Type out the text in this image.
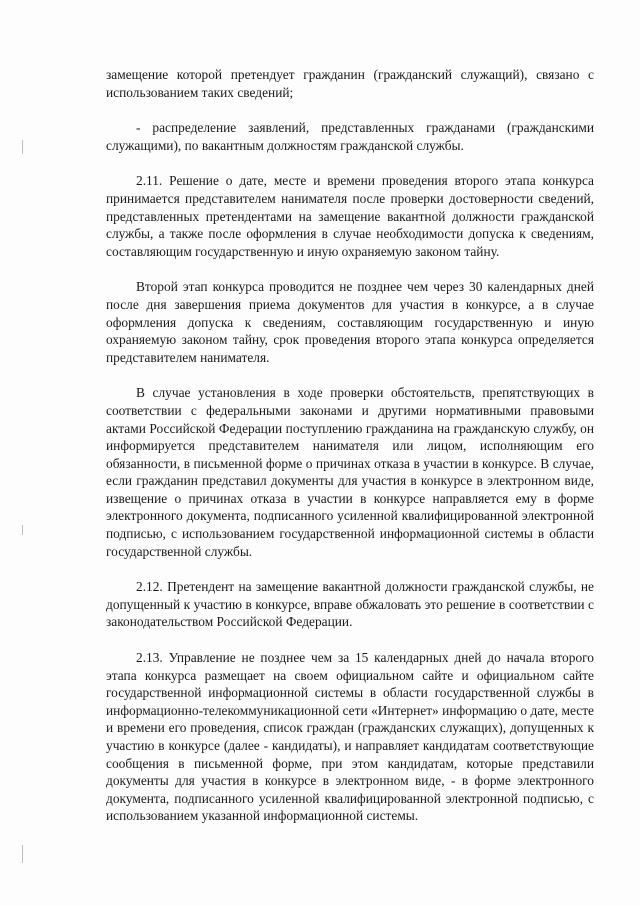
замещение которой претендует гражданин (гражданский служащий), связано с использованием таких сведений;

- распределение заявлений, представленных гражданами (гражданскими служащими), по вакантным должностям гражданской службы.

2.11. Решение о дате, месте и времени проведения второго этапа конкурса принимается представителем нанимателя после проверки достоверности сведений, представленных претендентами на замещение вакантной должности гражданской службы, а также после оформления в случае необходимости допуска к сведениям, составляющим государственную и иную охраняемую законом тайну.

Второй этап конкурса проводится не позднее чем через 30 календарных дней после дня завершения приема документов для участия в конкурсе, а в случае оформления допуска к сведениям, составляющим государственную и иную охраняемую законом тайну, срок проведения второго этапа конкурса определяется представителем нанимателя.

В случае установления в ходе проверки обстоятельств, препятствующих в соответствии с федеральными законами и другими нормативными правовыми актами Российской Федерации поступлению гражданина на гражданскую службу, он информируется представителем нанимателя или лицом, исполняющим его обязанности, в письменной форме о причинах отказа в участии в конкурсе. В случае, если гражданин представил документы для участия в конкурсе в электронном виде, извещение о причинах отказа в участии в конкурсе направляется ему в форме электронного документа, подписанного усиленной квалифицированной электронной подписью, с использованием государственной информационной системы в области государственной службы.

2.12. Претендент на замещение вакантной должности гражданской службы, не допущенный к участию в конкурсе, вправе обжаловать это решение в соответствии с законодательством Российской Федерации.

2.13. Управление не позднее чем за 15 календарных дней до начала второго этапа конкурса размещает на своем официальном сайте и официальном сайте государственной информационной системы в области государственной службы в информационно-телекоммуникационной сети «Интернет» информацию о дате, месте и времени его проведения, список граждан (гражданских служащих), допущенных к участию в конкурсе (далее - кандидаты), и направляет кандидатам соответствующие сообщения в письменной форме, при этом кандидатам, которые представили документы для участия в конкурсе в электронном виде, - в форме электронного документа, подписанного усиленной квалифицированной электронной подписью, с использованием указанной информационной системы.
